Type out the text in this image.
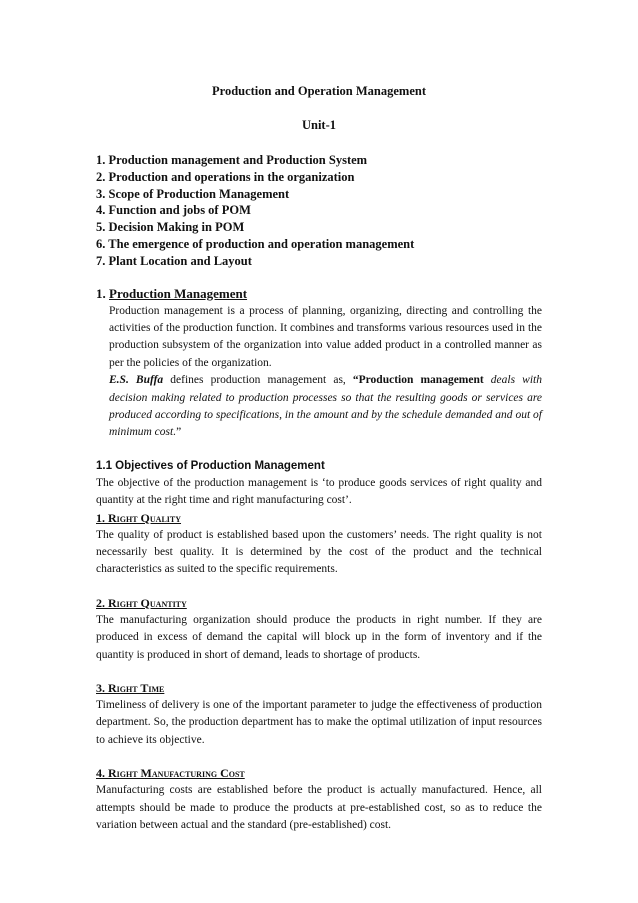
Production and Operation Management

Unit-1

1. Production management and Production System
2. Production and operations in the organization
3. Scope of Production Management
4. Function and jobs of POM
5. Decision Making in POM
6. The emergence of production and operation management
7. Plant Location and Layout

1. Production Management

Production management is a process of planning, organizing, directing and controlling the activities of the production function. It combines and transforms various resources used in the production subsystem of the organization into value added product in a controlled manner as per the policies of the organization.

E.S. Buffa defines production management as, “Production management deals with decision making related to production processes so that the resulting goods or services are produced according to specifications, in the amount and by the schedule demanded and out of minimum cost.”

1.1 Objectives of Production Management

The objective of the production management is ‘to produce goods services of right quality and quantity at the right time and right manufacturing cost’.

1. Right Quality

The quality of product is established based upon the customers’ needs. The right quality is not necessarily best quality. It is determined by the cost of the product and the technical characteristics as suited to the specific requirements.

2. Right Quantity

The manufacturing organization should produce the products in right number. If they are produced in excess of demand the capital will block up in the form of inventory and if the quantity is produced in short of demand, leads to shortage of products.

3. Right Time

Timeliness of delivery is one of the important parameter to judge the effectiveness of production department. So, the production department has to make the optimal utilization of input resources to achieve its objective.

4. Right Manufacturing Cost

Manufacturing costs are established before the product is actually manufactured. Hence, all attempts should be made to produce the products at pre-established cost, so as to reduce the variation between actual and the standard (pre-established) cost.
